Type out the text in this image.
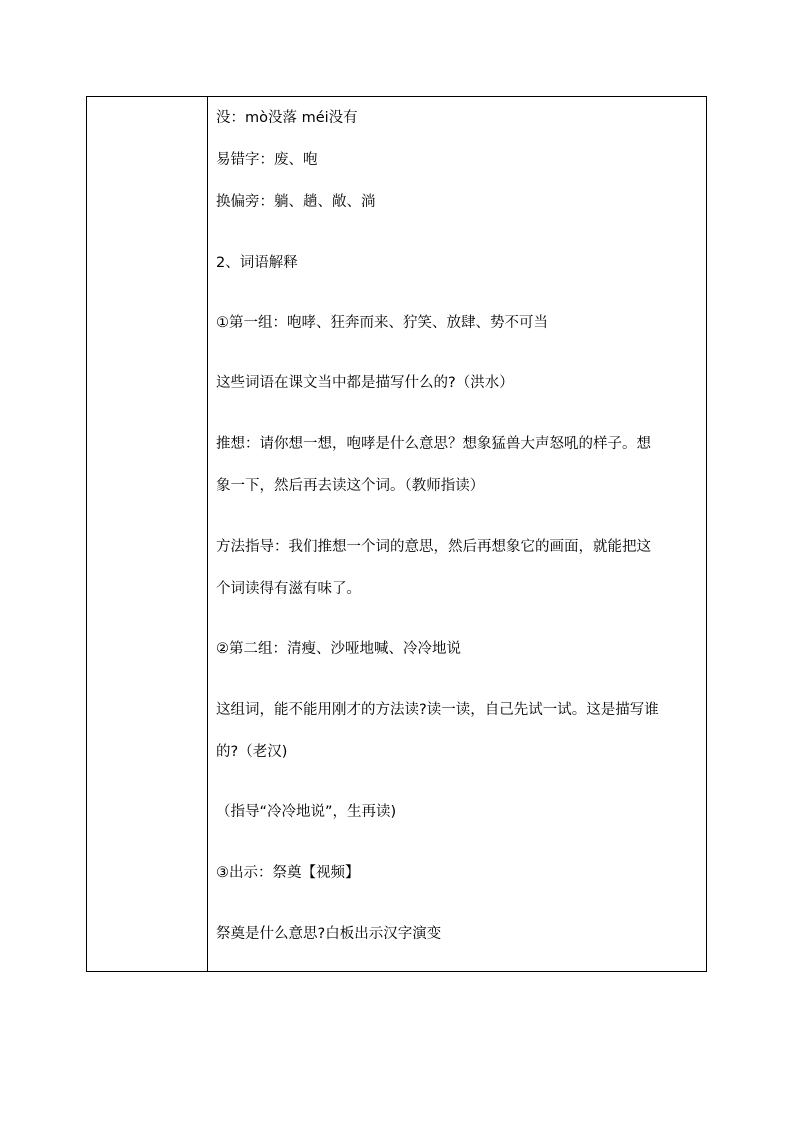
没：mò没落 méi没有
易错字：废、咆
换偏旁：躺、趟、敞、淌
2、词语解释
①第一组：咆哮、狂奔而来、狞笑、放肆、势不可当
这些词语在课文当中都是描写什么的?（洪水）
推想：请你想一想，咆哮是什么意思？想象猛兽大声怒吼的样子。想
象一下，然后再去读这个词。（教师指读）
方法指导：我们推想一个词的意思，然后再想象它的画面，就能把这
个词读得有滋有味了。
②第二组：清瘦、沙哑地喊、冷冷地说
这组词，能不能用刚才的方法读?读一读，自己先试一试。这是描写谁
的?（老汉)
（指导“冷冷地说”，生再读)
③出示：祭奠【视频】
祭奠是什么意思?白板出示汉字演变
